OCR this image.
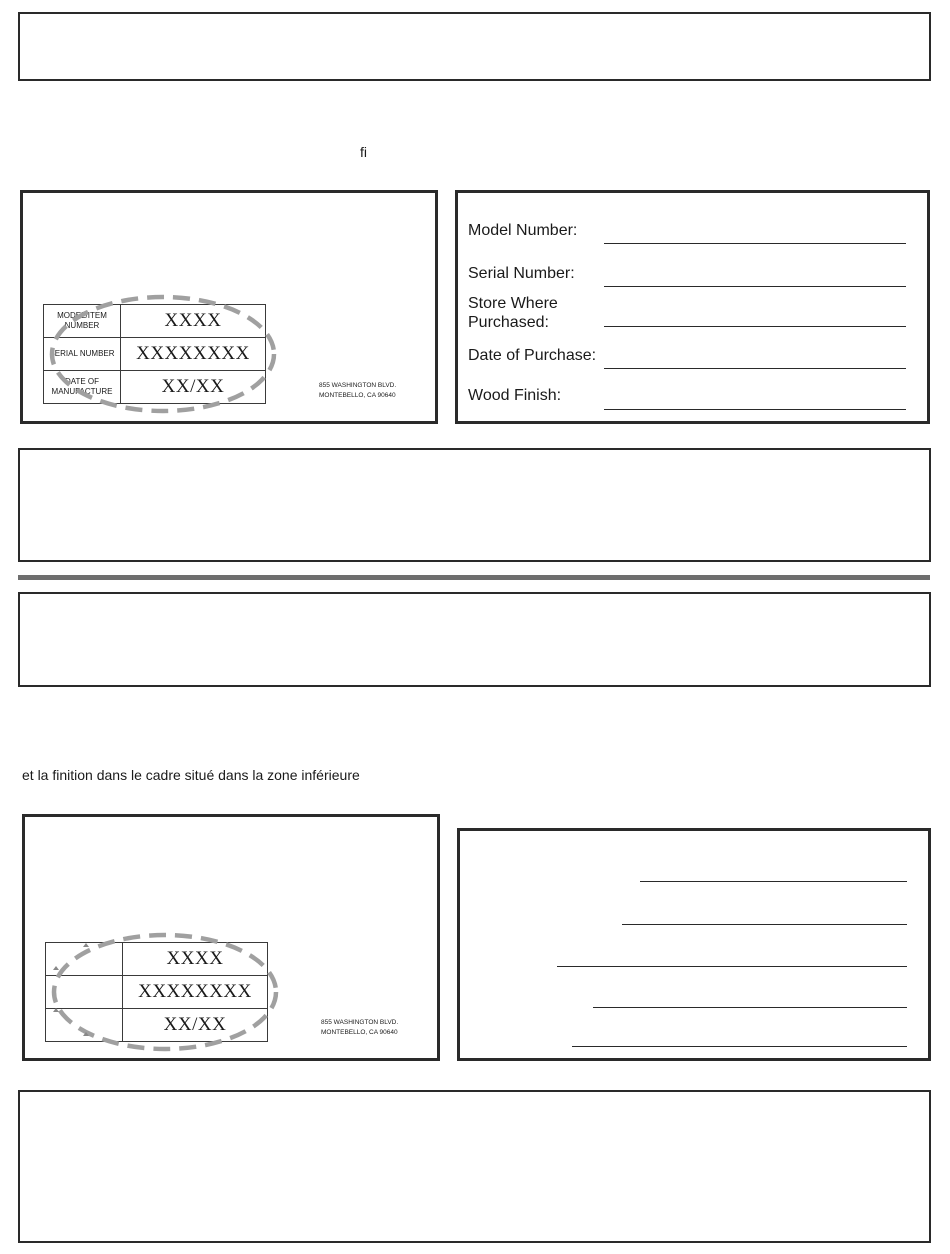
fi
MODEL/ITEM NUMBER	XXXX
SERIAL NUMBER	XXXXXXXX
DATE OF MANUFACTURE	XX/XX	855 WASHINGTON BLVD.
MONTEBELLO, CA 90640
Model Number:
Serial Number:
Store Where
Purchased:
Date of Purchase:
Wood Finish:
et la finition dans le cadre situé dans la zone inférieure
	XXXX
	XXXXXXXX
	XX/XX	855 WASHINGTON BLVD.
MONTEBELLO, CA 90640
